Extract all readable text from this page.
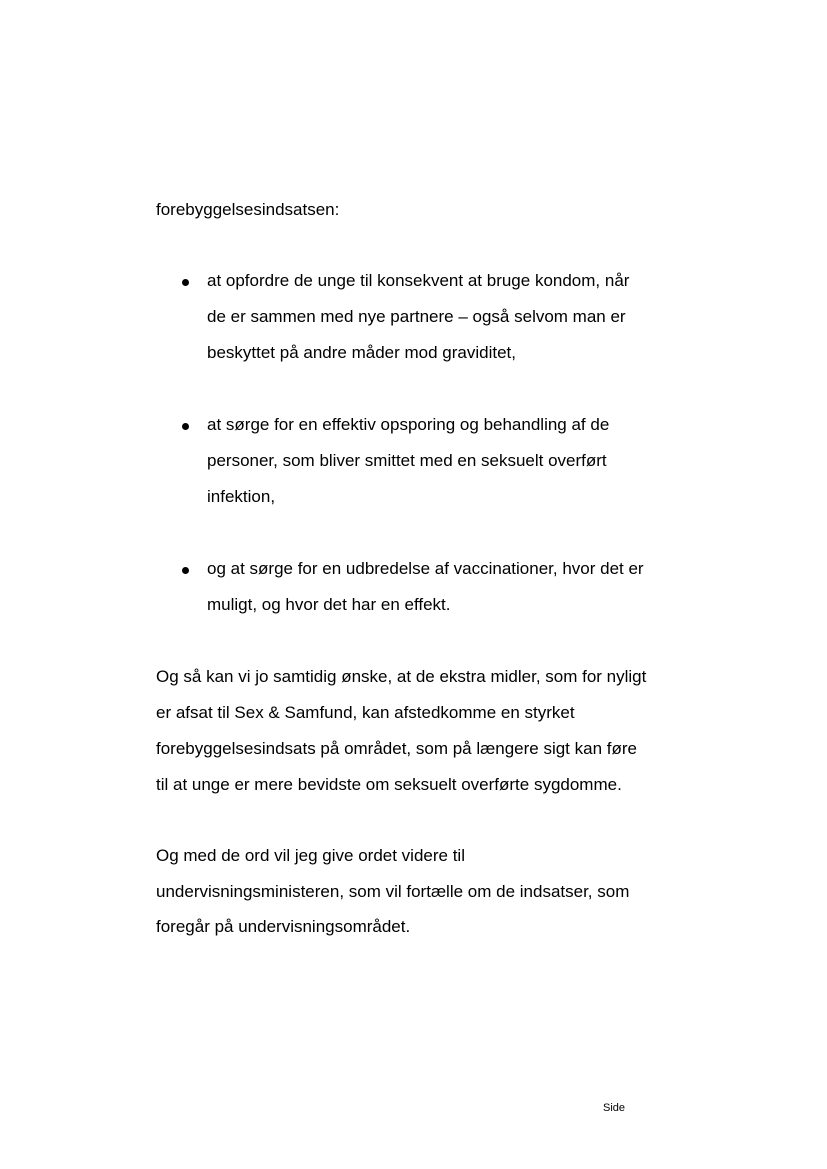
forebyggelsesindsatsen:

at opfordre de unge til konsekvent at bruge kondom, når

de er sammen med nye partnere – også selvom man er

beskyttet på andre måder mod graviditet,

at sørge for en effektiv opsporing og behandling af de

personer, som bliver smittet med en seksuelt overført

infektion,

og at sørge for en udbredelse af vaccinationer, hvor det er

muligt, og hvor det har en effekt.

Og så kan vi jo samtidig ønske, at de ekstra midler, som for nyligt

er afsat til Sex & Samfund, kan afstedkomme en styrket

forebyggelsesindsats på området, som på længere sigt kan føre

til at unge er mere bevidste om seksuelt overførte sygdomme.

Og med de ord vil jeg give ordet videre til

undervisningsministeren, som vil fortælle om de indsatser, som

foregår på undervisningsområdet.

Side
